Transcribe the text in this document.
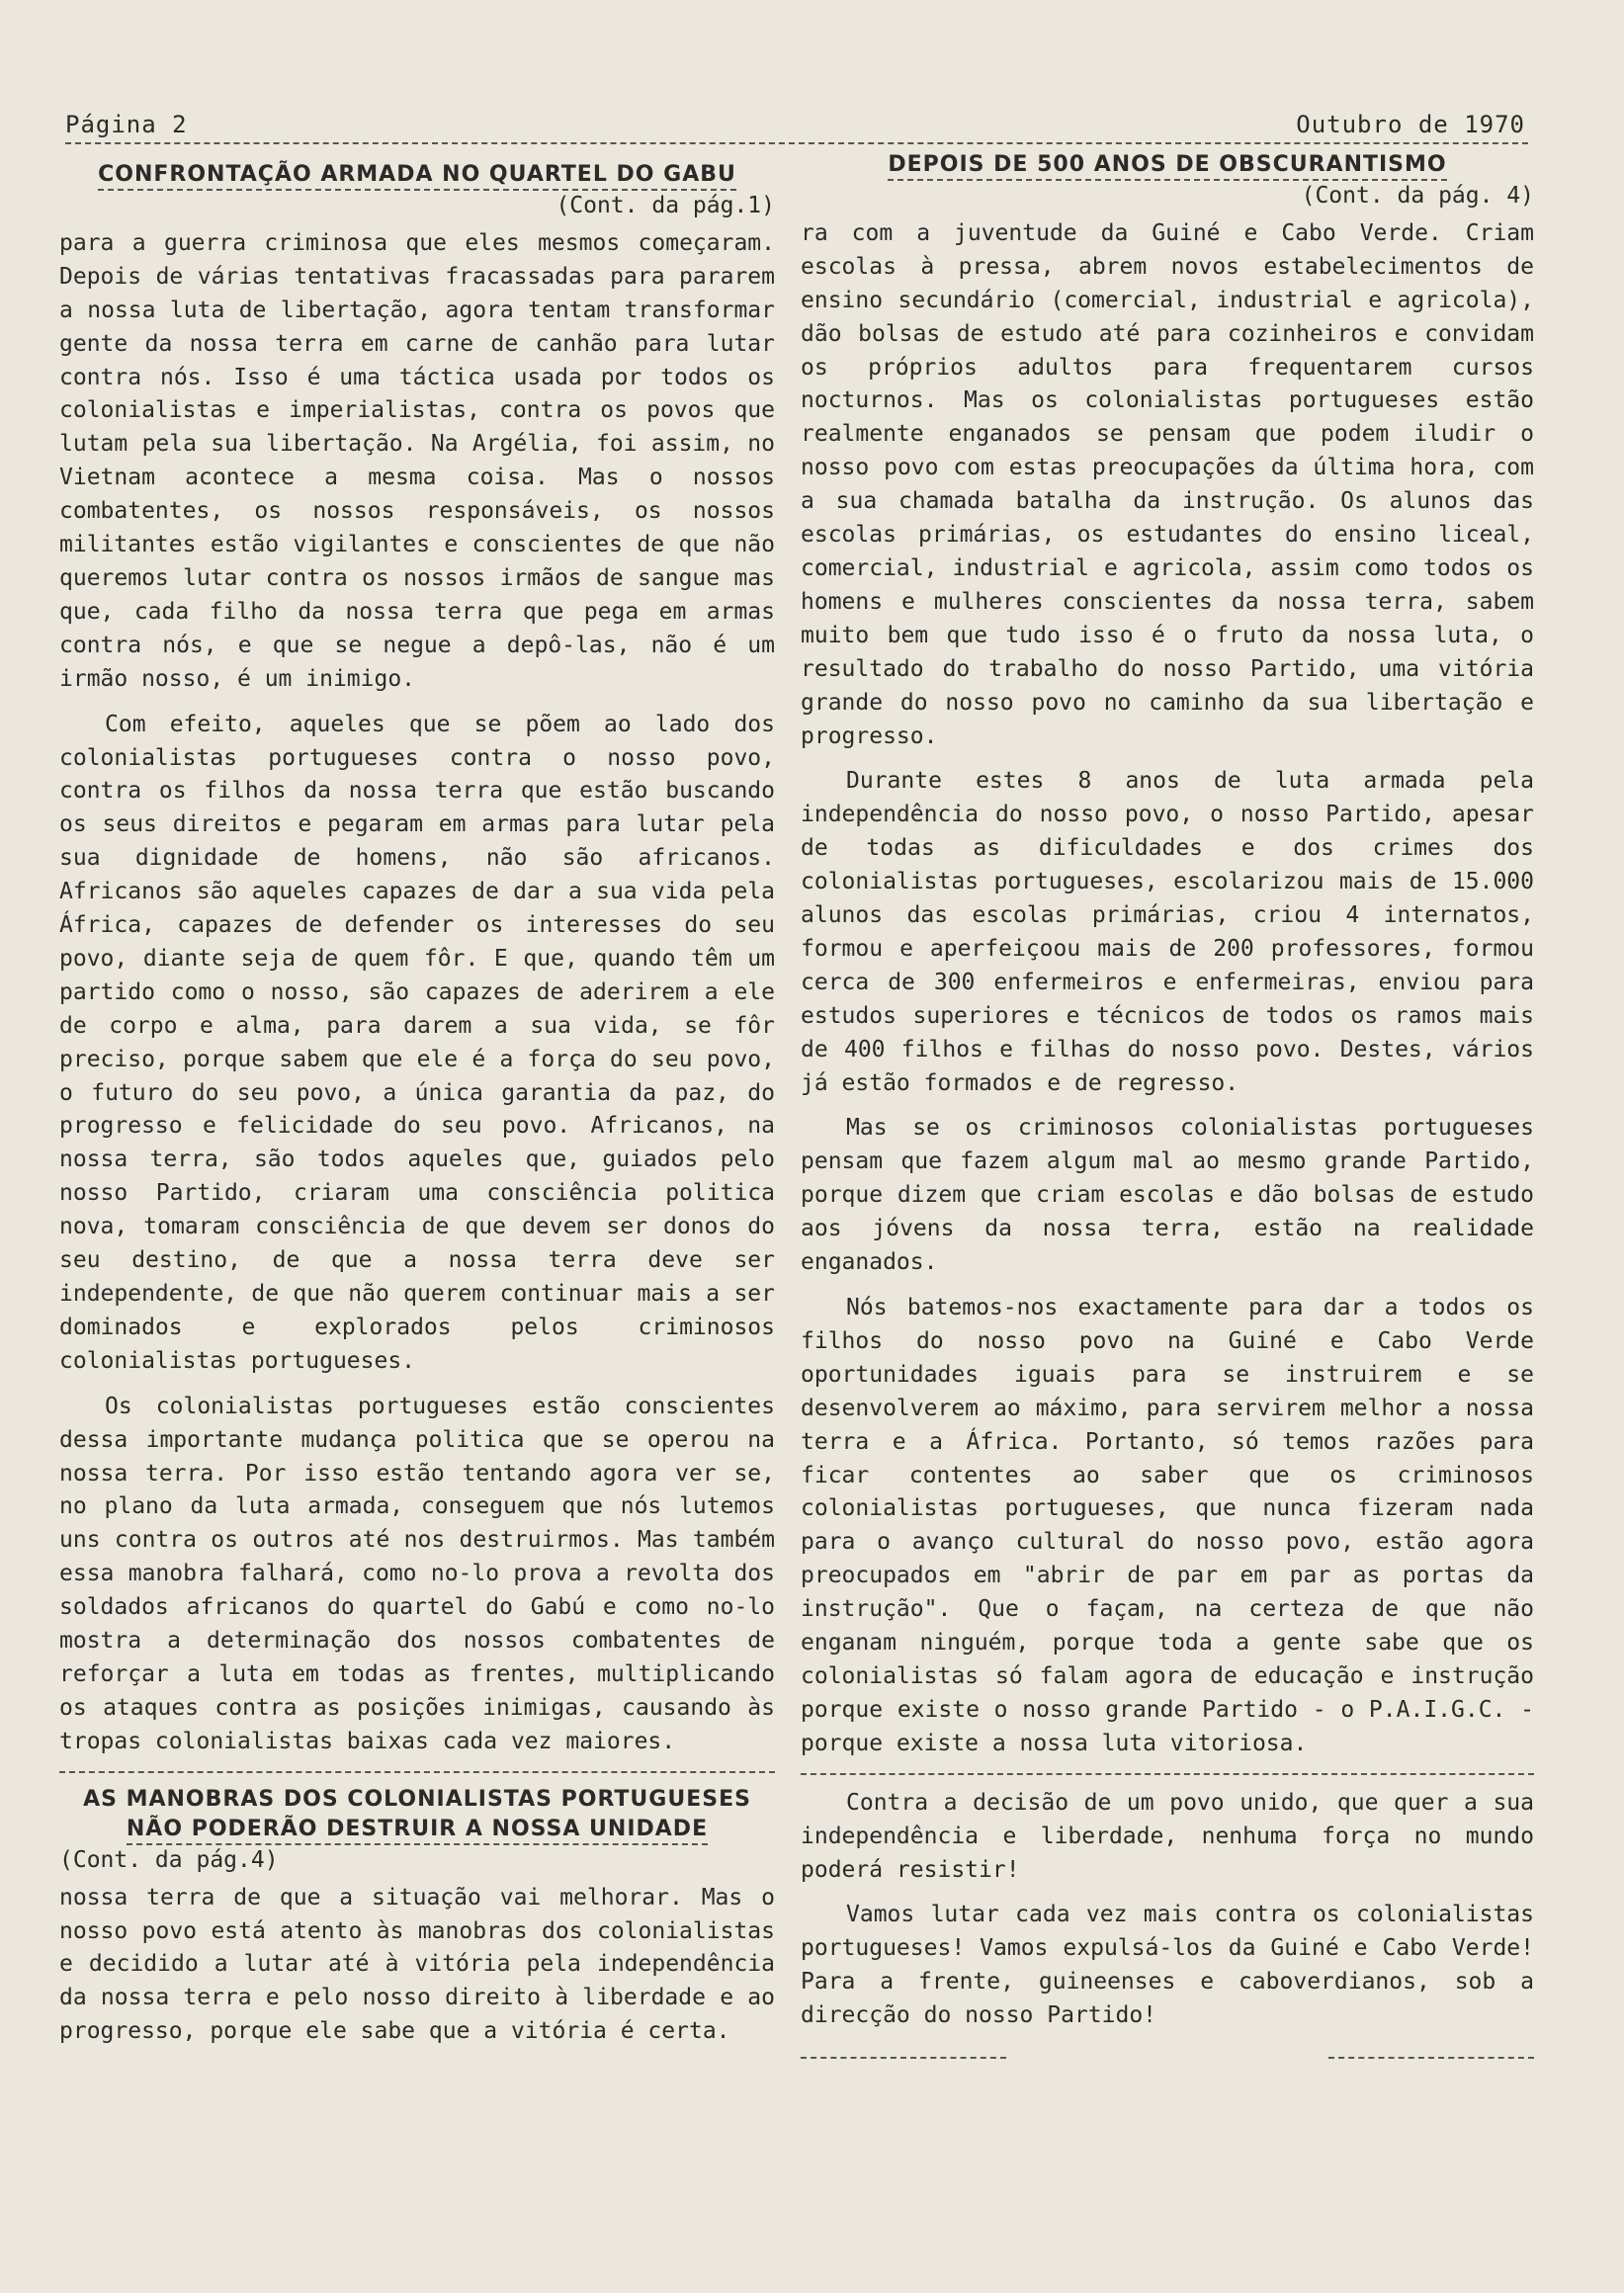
Página 2	Outubro de 1970
CONFRONTAÇÃO ARMADA NO QUARTEL DO GABU
(Cont. da pág.1)

para a guerra criminosa que eles mesmos começaram. Depois de várias tentativas fracassadas para pararem a nossa luta de libertação, agora tentam transformar gente da nossa terra em carne de canhão para lutar contra nós. Isso é uma táctica usada por todos os colonialistas e imperialistas, contra os povos que lutam pela sua libertação. Na Argélia, foi assim, no Vietnam acontece a mesma coisa. Mas o nossos combatentes, os nossos responsáveis, os nossos militantes estão vigilantes e conscientes de que não queremos lutar contra os nossos irmãos de sangue mas que, cada filho da nossa terra que pega em armas contra nós, e que se negue a depô-las, não é um irmão nosso, é um inimigo.

Com efeito, aqueles que se põem ao lado dos colonialistas portugueses contra o nosso povo, contra os filhos da nossa terra que estão buscando os seus direitos e pegaram em armas para lutar pela sua dignidade de homens, não são africanos. Africanos são aqueles capazes de dar a sua vida pela África, capazes de defender os interesses do seu povo, diante seja de quem fôr. E que, quando têm um partido como o nosso, são capazes de aderirem a ele de corpo e alma, para darem a sua vida, se fôr preciso, porque sabem que ele é a força do seu povo, o futuro do seu povo, a única garantia da paz, do progresso e felicidade do seu povo. Africanos, na nossa terra, são todos aqueles que, guiados pelo nosso Partido, criaram uma consciência politica nova, tomaram consciência de que devem ser donos do seu destino, de que a nossa terra deve ser independente, de que não querem continuar mais a ser dominados e explorados pelos criminosos colonialistas portugueses.

Os colonialistas portugueses estão conscientes dessa importante mudança politica que se operou na nossa terra. Por isso estão tentando agora ver se, no plano da luta armada, conseguem que nós lutemos uns contra os outros até nos destruirmos. Mas também essa manobra falhará, como no-lo prova a revolta dos soldados africanos do quartel do Gabú e como no-lo mostra a determinação dos nossos combatentes de reforçar a luta em todas as frentes, multiplicando os ataques contra as posições inimigas, causando às tropas colonialistas baixas cada vez maiores.

AS MANOBRAS DOS COLONIALISTAS PORTUGUESES
NÃO PODERÃO DESTRUIR A NOSSA UNIDADE
(Cont. da pág.4)

nossa terra de que a situação vai melhorar. Mas o nosso povo está atento às manobras dos colonialistas e decidido a lutar até à vitória pela independência da nossa terra e pelo nosso direito à liberdade e ao progresso, porque ele sabe que a vitória é certa.

DEPOIS DE 500 ANOS DE OBSCURANTISMO
(Cont. da pág. 4)

ra com a juventude da Guiné e Cabo Verde. Criam escolas à pressa, abrem novos estabelecimentos de ensino secundário (comercial, industrial e agricola), dão bolsas de estudo até para cozinheiros e convidam os próprios adultos para frequentarem cursos nocturnos. Mas os colonialistas portugueses estão realmente enganados se pensam que podem iludir o nosso povo com estas preocupações da última hora, com a sua chamada batalha da instrução. Os alunos das escolas primárias, os estudantes do ensino liceal, comercial, industrial e agricola, assim como todos os homens e mulheres conscientes da nossa terra, sabem muito bem que tudo isso é o fruto da nossa luta, o resultado do trabalho do nosso Partido, uma vitória grande do nosso povo no caminho da sua libertação e progresso.

Durante estes 8 anos de luta armada pela independência do nosso povo, o nosso Partido, apesar de todas as dificuldades e dos crimes dos colonialistas portugueses, escolarizou mais de 15.000 alunos das escolas primárias, criou 4 internatos, formou e aperfeiçoou mais de 200 professores, formou cerca de 300 enfermeiros e enfermeiras, enviou para estudos superiores e técnicos de todos os ramos mais de 400 filhos e filhas do nosso povo. Destes, vários já estão formados e de regresso.

Mas se os criminosos colonialistas portugueses pensam que fazem algum mal ao mesmo grande Partido, porque dizem que criam escolas e dão bolsas de estudo aos jóvens da nossa terra, estão na realidade enganados.

Nós batemos-nos exactamente para dar a todos os filhos do nosso povo na Guiné e Cabo Verde oportunidades iguais para se instruirem e se desenvolverem ao máximo, para servirem melhor a nossa terra e a África. Portanto, só temos razões para ficar contentes ao saber que os criminosos colonialistas portugueses, que nunca fizeram nada para o avanço cultural do nosso povo, estão agora preocupados em "abrir de par em par as portas da instrução". Que o façam, na certeza de que não enganam ninguém, porque toda a gente sabe que os colonialistas só falam agora de educação e instrução porque existe o nosso grande Partido - o P.A.I.G.C. - porque existe a nossa luta vitoriosa.

Contra a decisão de um povo unido, que quer a sua independência e liberdade, nenhuma força no mundo poderá resistir!

Vamos lutar cada vez mais contra os colonialistas portugueses! Vamos expulsá-los da Guiné e Cabo Verde! Para a frente, guineenses e caboverdianos, sob a direcção do nosso Partido!
